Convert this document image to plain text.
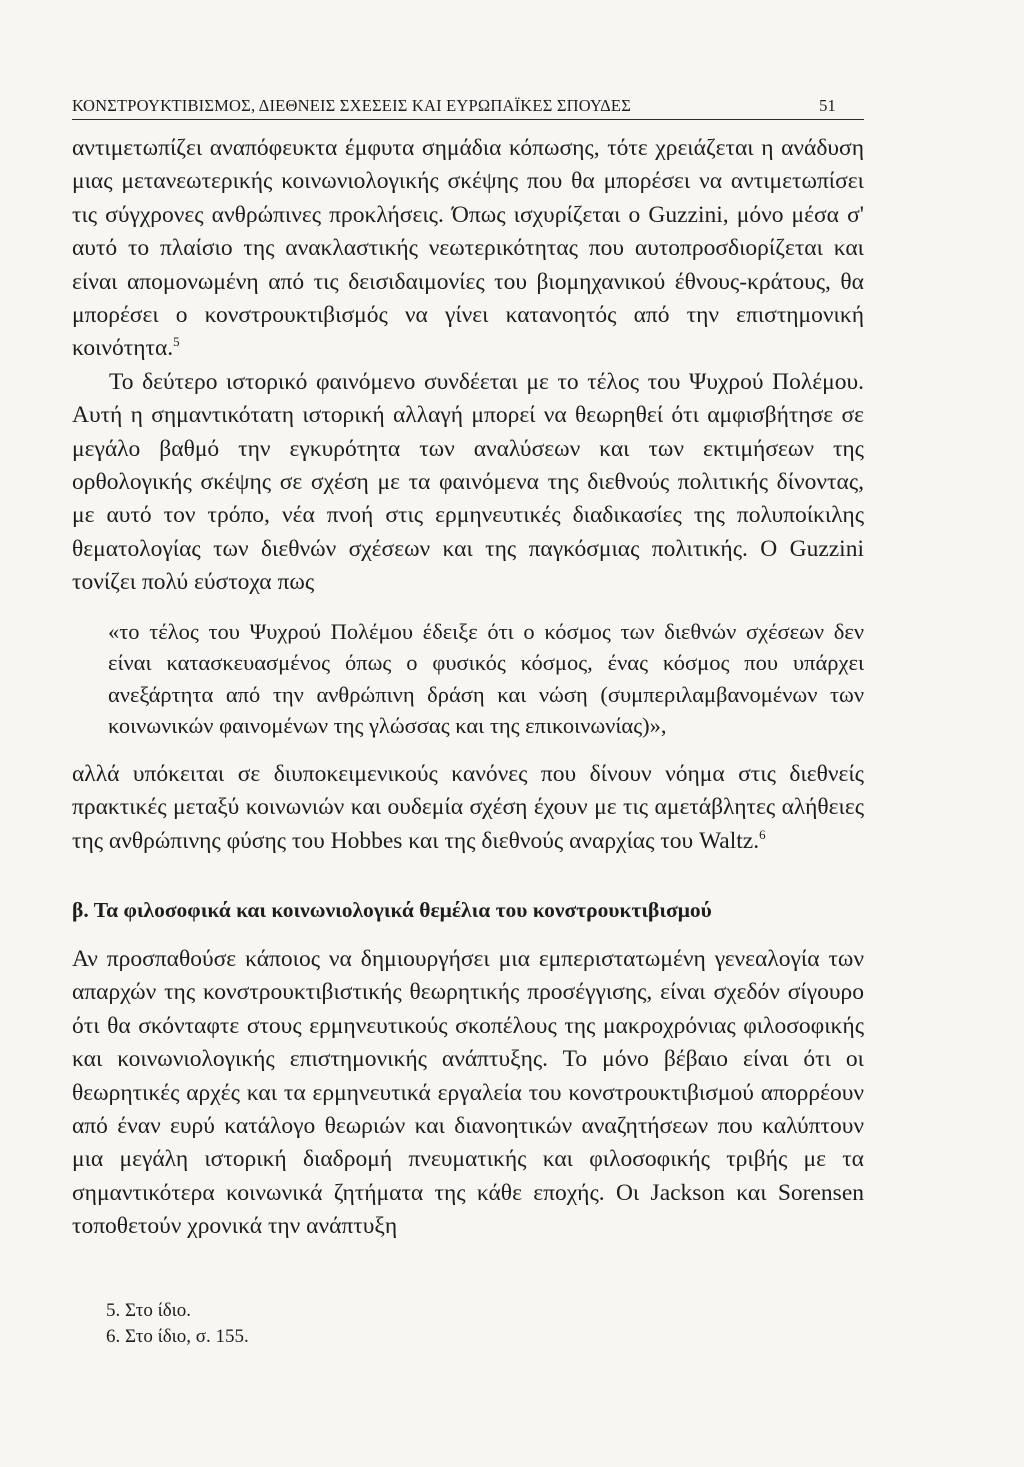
ΚΟΝΣΤΡΟΥΚΤΙΒΙΣΜΟΣ, ΔΙΕΘΝΕΙΣ ΣΧΕΣΕΙΣ ΚΑΙ ΕΥΡΩΠΑΪΚΕΣ ΣΠΟΥΔΕΣ	51

αντιμετωπίζει αναπόφευκτα έμφυτα σημάδια κόπωσης, τότε χρειάζεται η ανάδυση μιας μετανεωτερικής κοινωνιολογικής σκέψης που θα μπορέσει να αντιμετωπίσει τις σύγχρονες ανθρώπινες προκλήσεις. Όπως ισχυρίζεται ο Guzzini, μόνο μέσα σ' αυτό το πλαίσιο της ανακλαστικής νεωτερικότητας που αυτοπροσδιορίζεται και είναι απομονωμένη από τις δεισιδαιμονίες του βιομηχανικού έθνους-κράτους, θα μπορέσει ο κονστρουκτιβισμός να γίνει κατανοητός από την επιστημονική κοινότητα.$^5$

Το δεύτερο ιστορικό φαινόμενο συνδέεται με το τέλος του Ψυχρού Πολέμου. Αυτή η σημαντικότατη ιστορική αλλαγή μπορεί να θεωρηθεί ότι αμφισβήτησε σε μεγάλο βαθμό την εγκυρότητα των αναλύσεων και των εκτιμήσεων της ορθολογικής σκέψης σε σχέση με τα φαινόμενα της διεθνούς πολιτικής δίνοντας, με αυτό τον τρόπο, νέα πνοή στις ερμηνευτικές διαδικασίες της πολυποίκιλης θεματολογίας των διεθνών σχέσεων και της παγκόσμιας πολιτικής. Ο Guzzini τονίζει πολύ εύστοχα πως

«το τέλος του Ψυχρού Πολέμου έδειξε ότι ο κόσμος των διεθνών σχέσεων δεν είναι κατασκευασμένος όπως ο φυσικός κόσμος, ένας κόσμος που υπάρχει ανεξάρτητα από την ανθρώπινη δράση και νώση (συμπεριλαμβανομένων των κοινωνικών φαινομένων της γλώσσας και της επικοινωνίας)»,

αλλά υπόκειται σε διυποκειμενικούς κανόνες που δίνουν νόημα στις διεθνείς πρακτικές μεταξύ κοινωνιών και ουδεμία σχέση έχουν με τις αμετάβλητες αλήθειες της ανθρώπινης φύσης του Hobbes και της διεθνούς αναρχίας του Waltz.$^6$

β. Τα φιλοσοφικά και κοινωνιολογικά θεμέλια του κονστρουκτιβισμού

Αν προσπαθούσε κάποιος να δημιουργήσει μια εμπεριστατωμένη γενεαλογία των απαρχών της κονστρουκτιβιστικής θεωρητικής προσέγγισης, είναι σχεδόν σίγουρο ότι θα σκόνταφτε στους ερμηνευτικούς σκοπέλους της μακροχρόνιας φιλοσοφικής και κοινωνιολογικής επιστημονικής ανάπτυξης. Το μόνο βέβαιο είναι ότι οι θεωρητικές αρχές και τα ερμηνευτικά εργαλεία του κονστρουκτιβισμού απορρέουν από έναν ευρύ κατάλογο θεωριών και διανοητικών αναζητήσεων που καλύπτουν μια μεγάλη ιστορική διαδρομή πνευματικής και φιλοσοφικής τριβής με τα σημαντικότερα κοινωνικά ζητήματα της κάθε εποχής. Οι Jackson και Sorensen τοποθετούν χρονικά την ανάπτυξη

5. Στο ίδιο.
6. Στο ίδιο, σ. 155.
